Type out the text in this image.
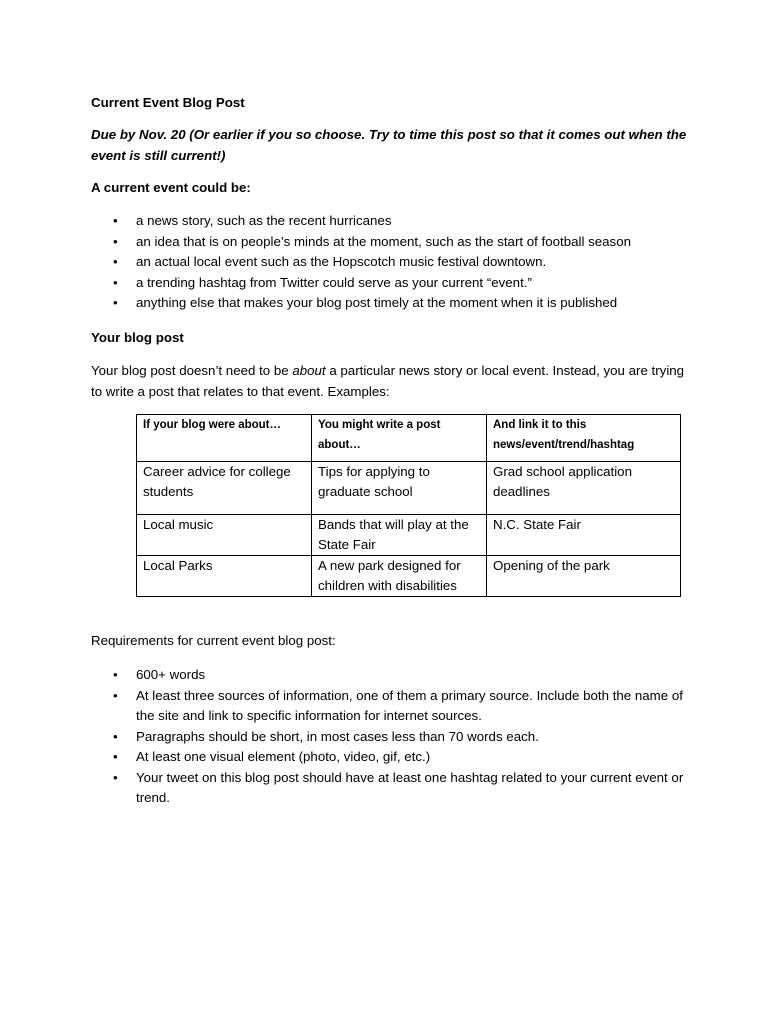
Current Event Blog Post
Due by Nov. 20 (Or earlier if you so choose. Try to time this post so that it comes out when the event is still current!)
A current event could be:
• a news story, such as the recent hurricanes
• an idea that is on people’s minds at the moment, such as the start of football season
• an actual local event such as the Hopscotch music festival downtown.
• a trending hashtag from Twitter could serve as your current “event.”
• anything else that makes your blog post timely at the moment when it is published
Your blog post
Your blog post doesn’t need to be about a particular news story or local event. Instead, you are trying to write a post that relates to that event. Examples:
If your blog were about…	You might write a post about…	And link it to this news/event/trend/hashtag
Career advice for college students	Tips for applying to graduate school	Grad school application deadlines
Local music	Bands that will play at the State Fair	N.C. State Fair
Local Parks	A new park designed for children with disabilities	Opening of the park
Requirements for current event blog post:
• 600+ words
• At least three sources of information, one of them a primary source. Include both the name of the site and link to specific information for internet sources.
• Paragraphs should be short, in most cases less than 70 words each.
• At least one visual element (photo, video, gif, etc.)
• Your tweet on this blog post should have at least one hashtag related to your current event or trend.
